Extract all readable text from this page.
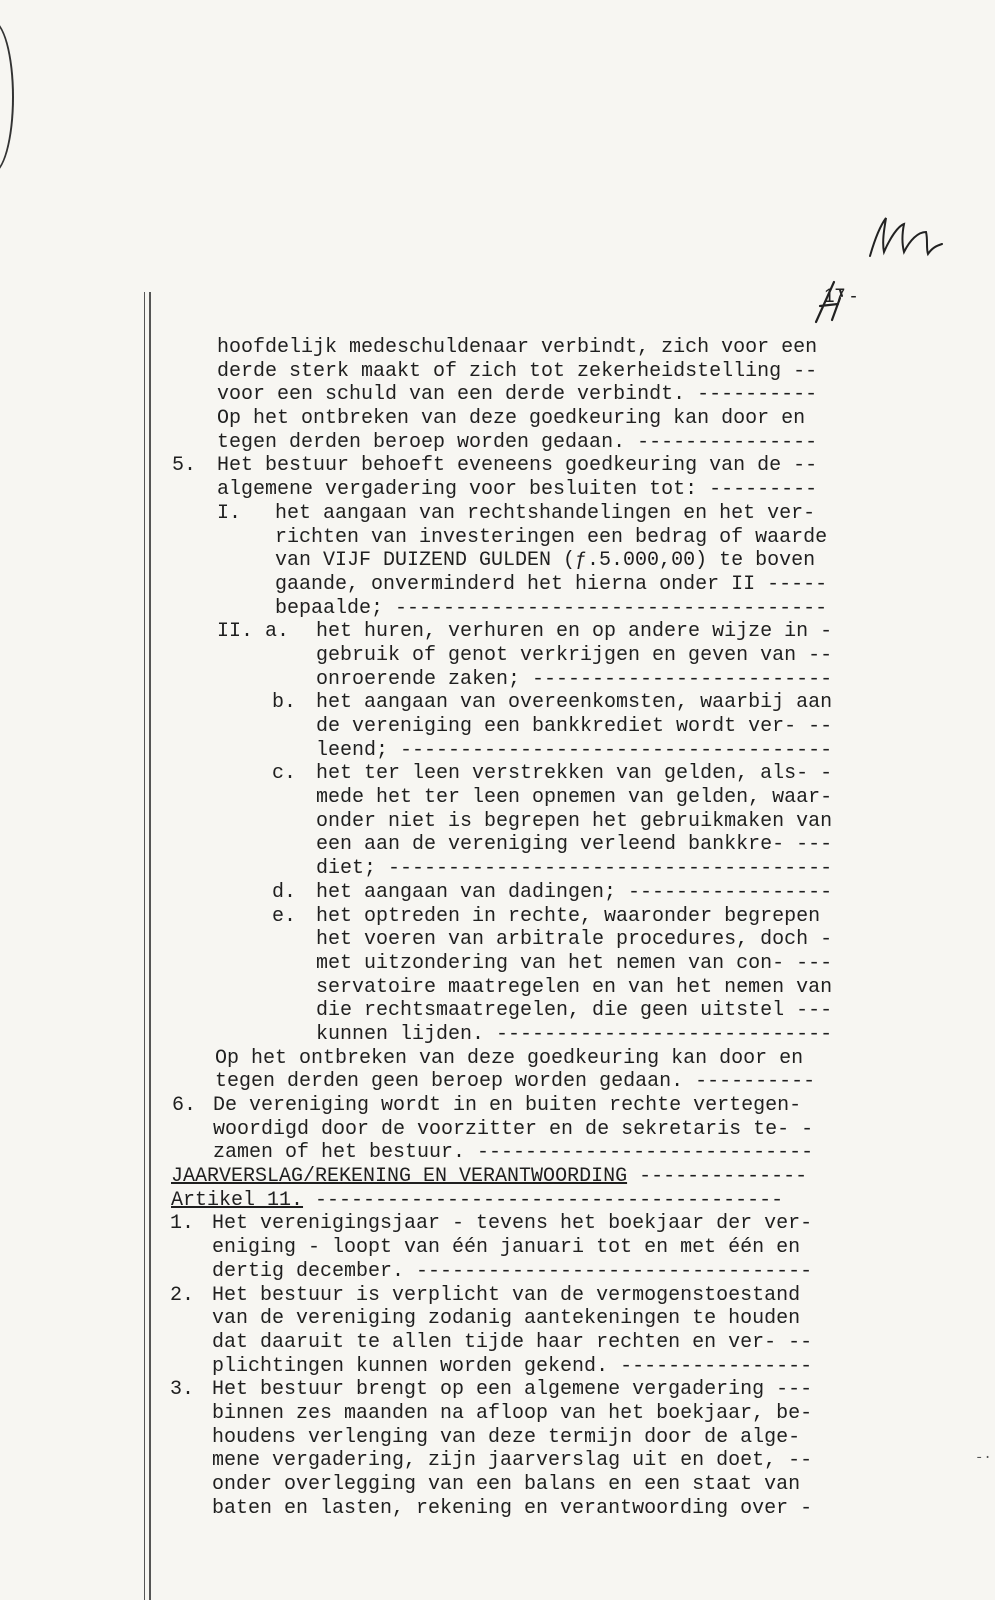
17 -
hoofdelijk medeschuldenaar verbindt, zich voor een
derde sterk maakt of zich tot zekerheidstelling --
voor een schuld van een derde verbindt. ----------
Op het ontbreken van deze goedkeuring kan door en
tegen derden beroep worden gedaan. ---------------
5. Het bestuur behoeft eveneens goedkeuring van de --
algemene vergadering voor besluiten tot: ---------
I. het aangaan van rechtshandelingen en het ver-
richten van investeringen een bedrag of waarde
van VIJF DUIZEND GULDEN (ƒ.5.000,00) te boven
gaande, onverminderd het hierna onder II -----
bepaalde; ------------------------------------
II. a. het huren, verhuren en op andere wijze in -
gebruik of genot verkrijgen en geven van --
onroerende zaken; -------------------------
b. het aangaan van overeenkomsten, waarbij aan
de vereniging een bankkrediet wordt ver- --
leend; ------------------------------------
c. het ter leen verstrekken van gelden, als- -
mede het ter leen opnemen van gelden, waar-
onder niet is begrepen het gebruikmaken van
een aan de vereniging verleend bankkre- ---
diet; -------------------------------------
d. het aangaan van dadingen; -----------------
e. het optreden in rechte, waaronder begrepen
het voeren van arbitrale procedures, doch -
met uitzondering van het nemen van con- ---
servatoire maatregelen en van het nemen van
die rechtsmaatregelen, die geen uitstel ---
kunnen lijden. ----------------------------
Op het ontbreken van deze goedkeuring kan door en
tegen derden geen beroep worden gedaan. ----------
6. De vereniging wordt in en buiten rechte vertegen-
woordigd door de voorzitter en de sekretaris te- -
zamen of het bestuur. ----------------------------
JAARVERSLAG/REKENING EN VERANTWOORDING --------------
Artikel 11. ---------------------------------------
1. Het verenigingsjaar - tevens het boekjaar der ver-
eniging - loopt van één januari tot en met één en
dertig december. ---------------------------------
2. Het bestuur is verplicht van de vermogenstoestand
van de vereniging zodanig aantekeningen te houden
dat daaruit te allen tijde haar rechten en ver- --
plichtingen kunnen worden gekend. ----------------
3. Het bestuur brengt op een algemene vergadering ---
binnen zes maanden na afloop van het boekjaar, be-
houdens verlenging van deze termijn door de alge-
mene vergadering, zijn jaarverslag uit en doet, --
onder overlegging van een balans en een staat van
baten en lasten, rekening en verantwoording over -
-·
